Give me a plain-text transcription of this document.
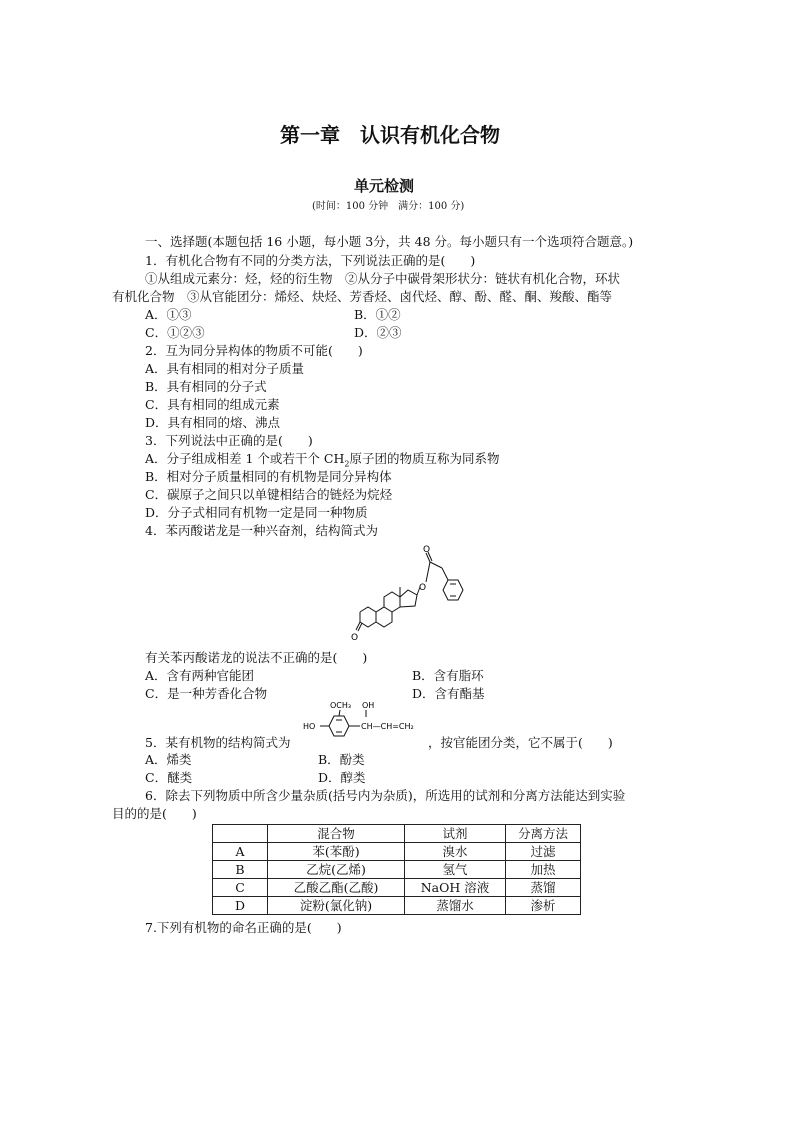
第一章　认识有机化合物
单元检测
(时间：100 分钟　满分：100 分)
一、选择题(本题包括 16 小题，每小题 3分，共 48 分。每小题只有一个选项符合题意。)
1．有机化合物有不同的分类方法，下列说法正确的是(　　)
①从组成元素分：烃，烃的衍生物　②从分子中碳骨架形状分：链状有机化合物，环状
有机化合物　③从官能团分：烯烃、炔烃、芳香烃、卤代烃、醇、酚、醛、酮、羧酸、酯等
A．①③	B．①②
C．①②③	D．②③
2．互为同分异构体的物质不可能(　　)
A．具有相同的相对分子质量
B．具有相同的分子式
C．具有相同的组成元素
D．具有相同的熔、沸点
3．下列说法中正确的是(　　)
A．分子组成相差 1 个或若干个 $CH_2$原子团的物质互称为同系物
B．相对分子质量相同的有机物是同分异构体
C．碳原子之间只以单键相结合的链烃为烷烃
D．分子式相同有机物一定是同一种物质
4．苯丙酸诺龙是一种兴奋剂，结构简式为
O
O
O
有关苯丙酸诺龙的说法不正确的是(　　)
A．含有两种官能团	B．含有脂环
C．是一种芳香化合物	D．含有酯基
OCH₃
HO
OH
CH—CH=CH₂
5．某有机物的结构简式为	，按官能团分类，它不属于(　　)
A．烯类	B．酚类
C．醚类	D．醇类
6．除去下列物质中所含少量杂质(括号内为杂质)，所选用的试剂和分离方法能达到实验
目的的是(　　)
	混合物	试剂	分离方法
A	苯(苯酚)	溴水	过滤
B	乙烷(乙烯)	氢气	加热
C	乙酸乙酯(乙酸)	NaOH 溶液	蒸馏
D	淀粉(氯化钠)	蒸馏水	渗析
7.下列有机物的命名正确的是(　　)
